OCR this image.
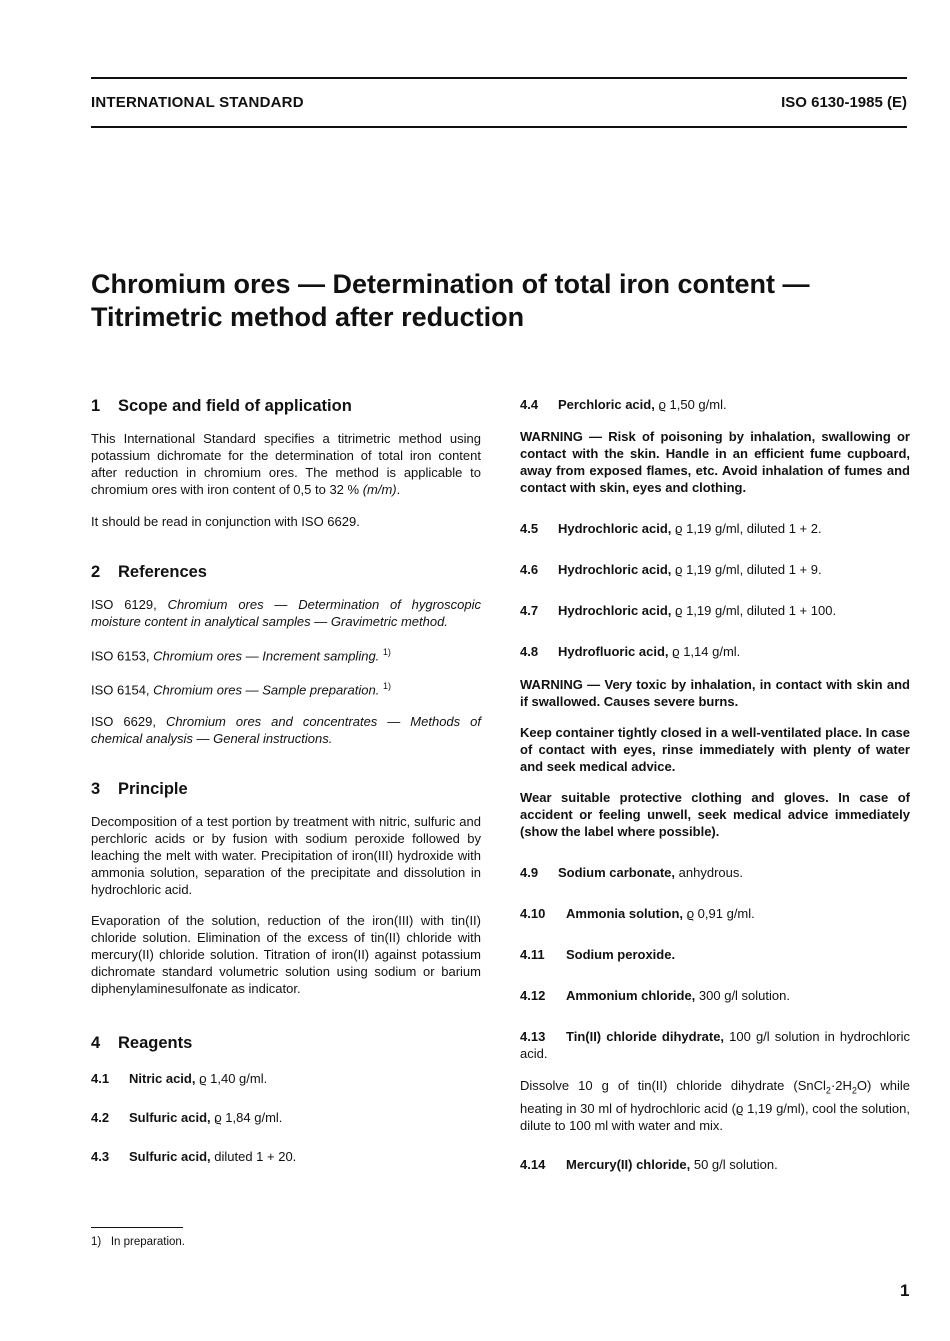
INTERNATIONAL STANDARD	ISO 6130-1985 (E)
Chromium ores — Determination of total iron content —
Titrimetric method after reduction
1 Scope and field of application

This International Standard specifies a titrimetric method using potassium dichromate for the determination of total iron content after reduction in chromium ores. The method is applicable to chromium ores with iron content of 0,5 to 32 % (m/m).

It should be read in conjunction with ISO 6629.

2 References

ISO 6129, Chromium ores — Determination of hygroscopic moisture content in analytical samples — Gravimetric method.

ISO 6153, Chromium ores — Increment sampling. $^{1)}$

ISO 6154, Chromium ores — Sample preparation. $^{1)}$

ISO 6629, Chromium ores and concentrates — Methods of chemical analysis — General instructions.

3 Principle

Decomposition of a test portion by treatment with nitric, sulfuric and perchloric acids or by fusion with sodium peroxide followed by leaching the melt with water. Precipitation of iron(III) hydroxide with ammonia solution, separation of the precipitate and dissolution in hydrochloric acid.

Evaporation of the solution, reduction of the iron(III) with tin(II) chloride solution. Elimination of the excess of tin(II) chloride with mercury(II) chloride solution. Titration of iron(II) against potassium dichromate standard volumetric solution using sodium or barium diphenylaminesulfonate as indicator.

4 Reagents
4.1 Nitric acid, ϱ 1,40 g/ml.
4.2 Sulfuric acid, ϱ 1,84 g/ml.
4.3 Sulfuric acid, diluted 1 + 20.
4.4 Perchloric acid, ϱ 1,50 g/ml.

WARNING — Risk of poisoning by inhalation, swallowing or contact with the skin. Handle in an efficient fume cupboard, away from exposed flames, etc. Avoid inhalation of fumes and contact with skin, eyes and clothing.

4.5 Hydrochloric acid, ϱ 1,19 g/ml, diluted 1 + 2.
4.6 Hydrochloric acid, ϱ 1,19 g/ml, diluted 1 + 9.
4.7 Hydrochloric acid, ϱ 1,19 g/ml, diluted 1 + 100.
4.8 Hydrofluoric acid, ϱ 1,14 g/ml.

WARNING — Very toxic by inhalation, in contact with skin and if swallowed. Causes severe burns.

Keep container tightly closed in a well-ventilated place. In case of contact with eyes, rinse immediately with plenty of water and seek medical advice.

Wear suitable protective clothing and gloves. In case of accident or feeling unwell, seek medical advice immediately (show the label where possible).

4.9 Sodium carbonate, anhydrous.
4.10 Ammonia solution, ϱ 0,91 g/ml.
4.11 Sodium peroxide.
4.12 Ammonium chloride, 300 g/l solution.
4.13 Tin(II) chloride dihydrate, 100 g/l solution in hydrochloric acid.

Dissolve 10 g of tin(II) chloride dihydrate $(SnCl_2\cdot 2H_2O)$ while heating in 30 ml of hydrochloric acid (ϱ 1,19 g/ml), cool the solution, dilute to 100 ml with water and mix.

4.14 Mercury(II) chloride, 50 g/l solution.
1) In preparation.
1
